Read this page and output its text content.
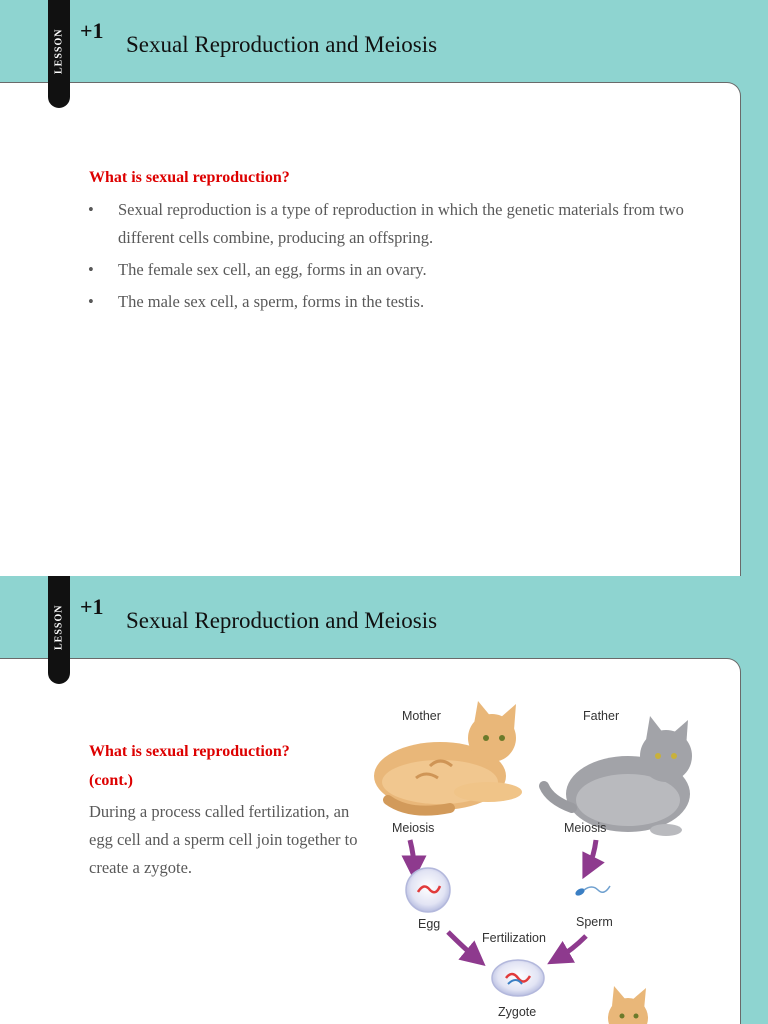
LESSON +1
Sexual Reproduction and Meiosis
What is sexual reproduction?
• Sexual reproduction is a type of reproduction in which the genetic materials from two different cells combine, producing an offspring.
• The female sex cell, an egg, forms in an ovary.
• The male sex cell, a sperm, forms in the testis.
LESSON +1
Sexual Reproduction and Meiosis
What is sexual reproduction?
(cont.)

During a process called fertilization, an egg cell and a sperm cell join together to create a zygote.

Mother	Father
Meiosis	Meiosis
Egg	Sperm
Fertilization
Zygote
